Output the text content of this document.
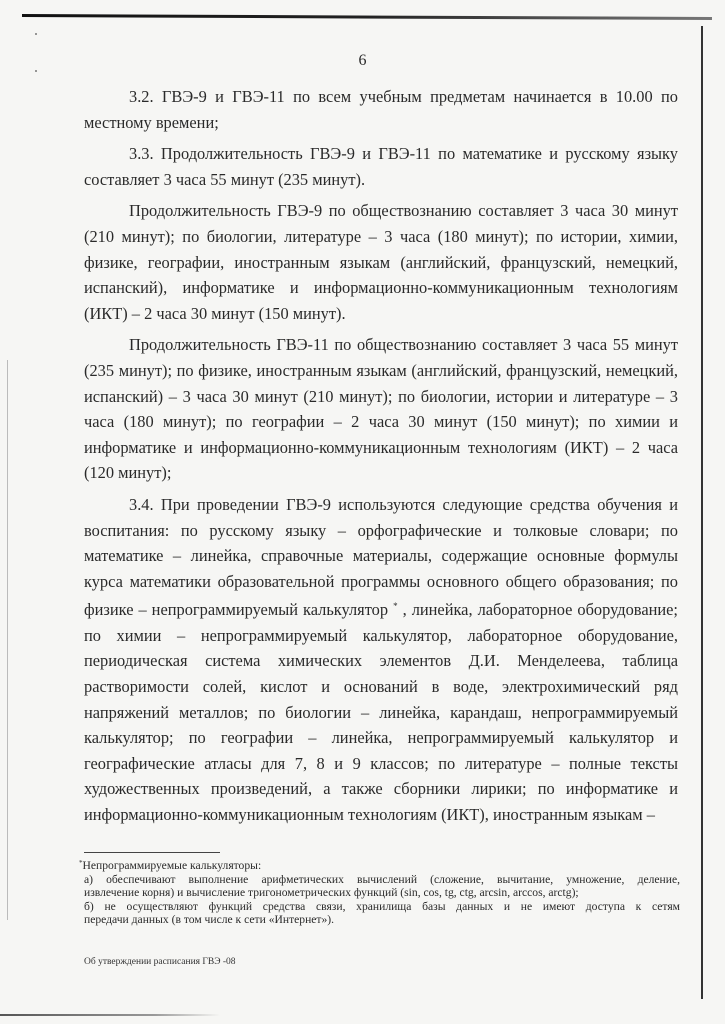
6

3.2. ГВЭ-9 и ГВЭ-11 по всем учебным предметам начинается в 10.00 по местному времени;

3.3. Продолжительность ГВЭ-9 и ГВЭ-11 по математике и русскому языку составляет 3 часа 55 минут (235 минут).

Продолжительность ГВЭ-9 по обществознанию составляет 3 часа 30 минут (210 минут); по биологии, литературе – 3 часа (180 минут); по истории, химии, физике, географии, иностранным языкам (английский, французский, немецкий, испанский), информатике и информационно-коммуникационным технологиям (ИКТ) – 2 часа 30 минут (150 минут).

Продолжительность ГВЭ-11 по обществознанию составляет 3 часа 55 минут (235 минут); по физике, иностранным языкам (английский, французский, немецкий, испанский) – 3 часа 30 минут (210 минут); по биологии, истории и литературе – 3 часа (180 минут); по географии – 2 часа 30 минут (150 минут); по химии и информатике и информационно-коммуникационным технологиям (ИКТ) – 2 часа (120 минут);

3.4. При проведении ГВЭ-9 используются следующие средства обучения и воспитания: по русскому языку – орфографические и толковые словари; по математике – линейка, справочные материалы, содержащие основные формулы курса математики образовательной программы основного общего образования; по физике – непрограммируемый калькулятор * , линейка, лабораторное оборудование; по химии – непрограммируемый калькулятор, лабораторное оборудование, периодическая система химических элементов Д.И. Менделеева, таблица растворимости солей, кислот и оснований в воде, электрохимический ряд напряжений металлов; по биологии – линейка, карандаш, непрограммируемый калькулятор; по географии – линейка, непрограммируемый калькулятор и географические атласы для 7, 8 и 9 классов; по литературе – полные тексты художественных произведений, а также сборники лирики; по информатике и информационно-коммуникационным технологиям (ИКТ), иностранным языкам –

*Непрограммируемые калькуляторы:
а) обеспечивают выполнение арифметических вычислений (сложение, вычитание, умножение, деление,
извлечение корня) и вычисление тригонометрических функций (sin, cos, tg, ctg, arcsin, arccos, arctg);
б) не осуществляют функций средства связи, хранилища базы данных и не имеют доступа к сетям
передачи данных (в том числе к сети «Интернет»).
Об утверждении расписания ГВЭ -08
